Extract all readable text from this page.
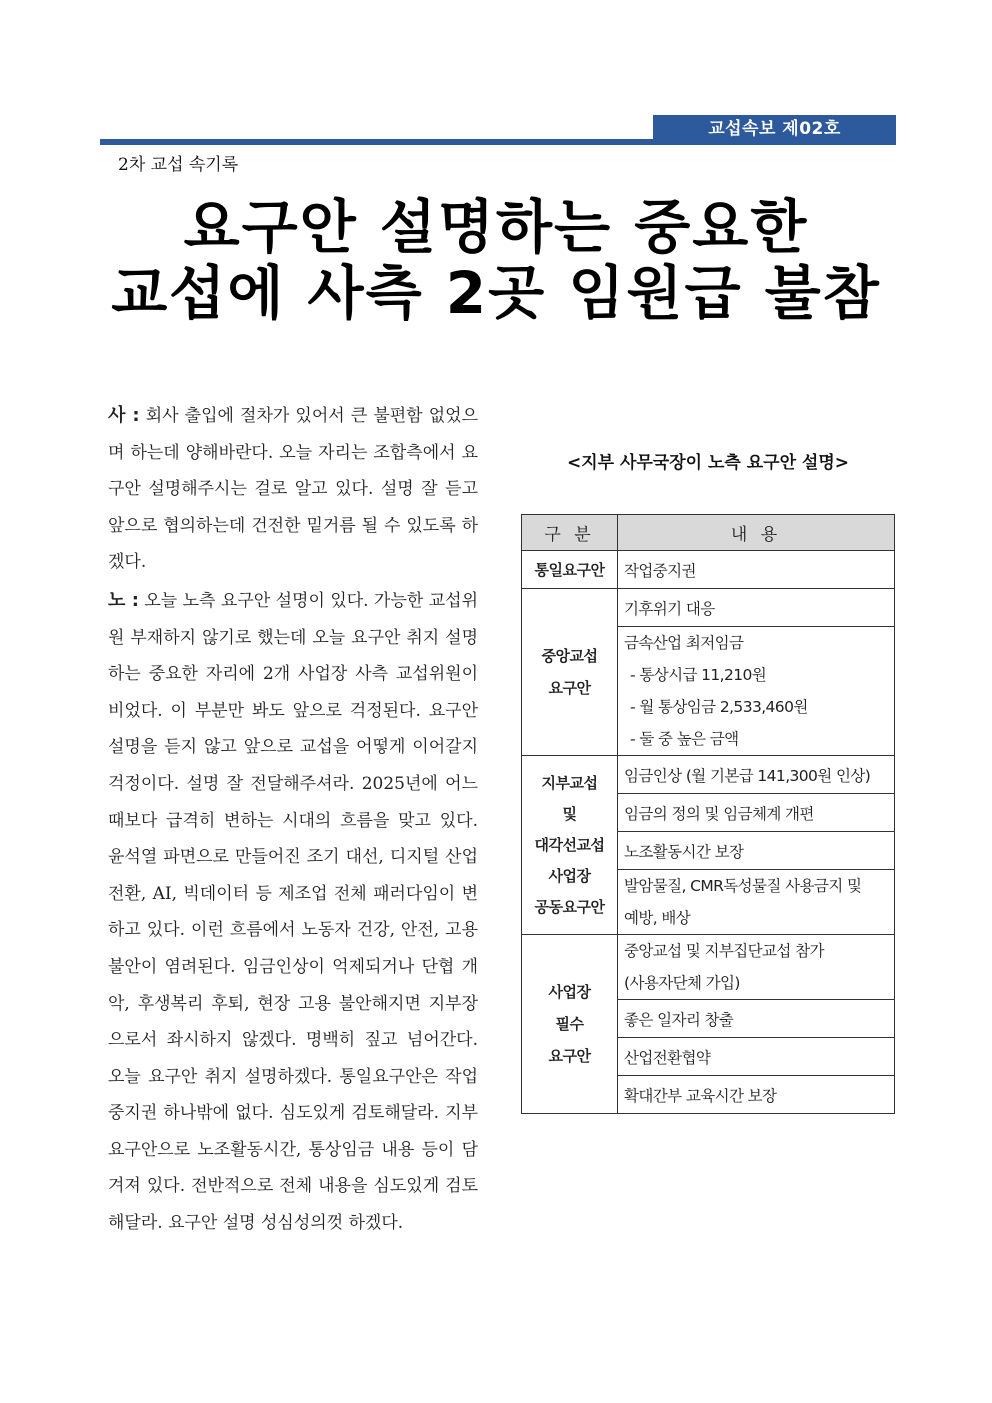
교섭속보 제02호
2차 교섭 속기록
요구안 설명하는 중요한
교섭에 사측 2곳 임원급 불참

사 : 회사 출입에 절차가 있어서 큰 불편함 없었으며 하는데 양해바란다. 오늘 자리는 조합측에서 요구안 설명해주시는 걸로 알고 있다. 설명 잘 듣고 앞으로 협의하는데 건전한 밑거름 될 수 있도록 하겠다.

노 : 오늘 노측 요구안 설명이 있다. 가능한 교섭위원 부재하지 않기로 했는데 오늘 요구안 취지 설명하는 중요한 자리에 2개 사업장 사측 교섭위원이 비었다. 이 부분만 봐도 앞으로 걱정된다. 요구안 설명을 듣지 않고 앞으로 교섭을 어떻게 이어갈지 걱정이다. 설명 잘 전달해주셔라. 2025년에 어느 때보다 급격히 변하는 시대의 흐름을 맞고 있다. 윤석열 파면으로 만들어진 조기 대선, 디지털 산업전환, AI, 빅데이터 등 제조업 전체 패러다임이 변하고 있다. 이런 흐름에서 노동자 건강, 안전, 고용불안이 염려된다. 임금인상이 억제되거나 단협 개악, 후생복리 후퇴, 현장 고용 불안해지면 지부장으로서 좌시하지 않겠다. 명백히 짚고 넘어간다. 오늘 요구안 취지 설명하겠다. 통일요구안은 작업중지권 하나밖에 없다. 심도있게 검토해달라. 지부 요구안으로 노조활동시간, 통상임금 내용 등이 담겨져 있다. 전반적으로 전체 내용을 심도있게 검토해달라. 요구안 설명 성심성의껏 하겠다.

<지부 사무국장이 노측 요구안 설명>
구 분	내 용
통일요구안	작업중지권

중앙교섭
요구안	기후위기 대응

	금속산업 최저임금
- 통상시급 11,210원
- 월 통상임금 2,533,460원
- 둘 중 높은 금액

지부교섭
및
대각선교섭
사업장
공동요구안	임금인상 (월 기본급 141,300원 인상)
	임금의 정의 및 임금체계 개편
	노조활동시간 보장

	발암물질, CMR독성물질 사용금지 및
예방, 배상

사업장
필수
요구안	중앙교섭 및 지부집단교섭 참가
(사용자단체 가입)

	좋은 일자리 창출
	산업전환협약
	확대간부 교육시간 보장
